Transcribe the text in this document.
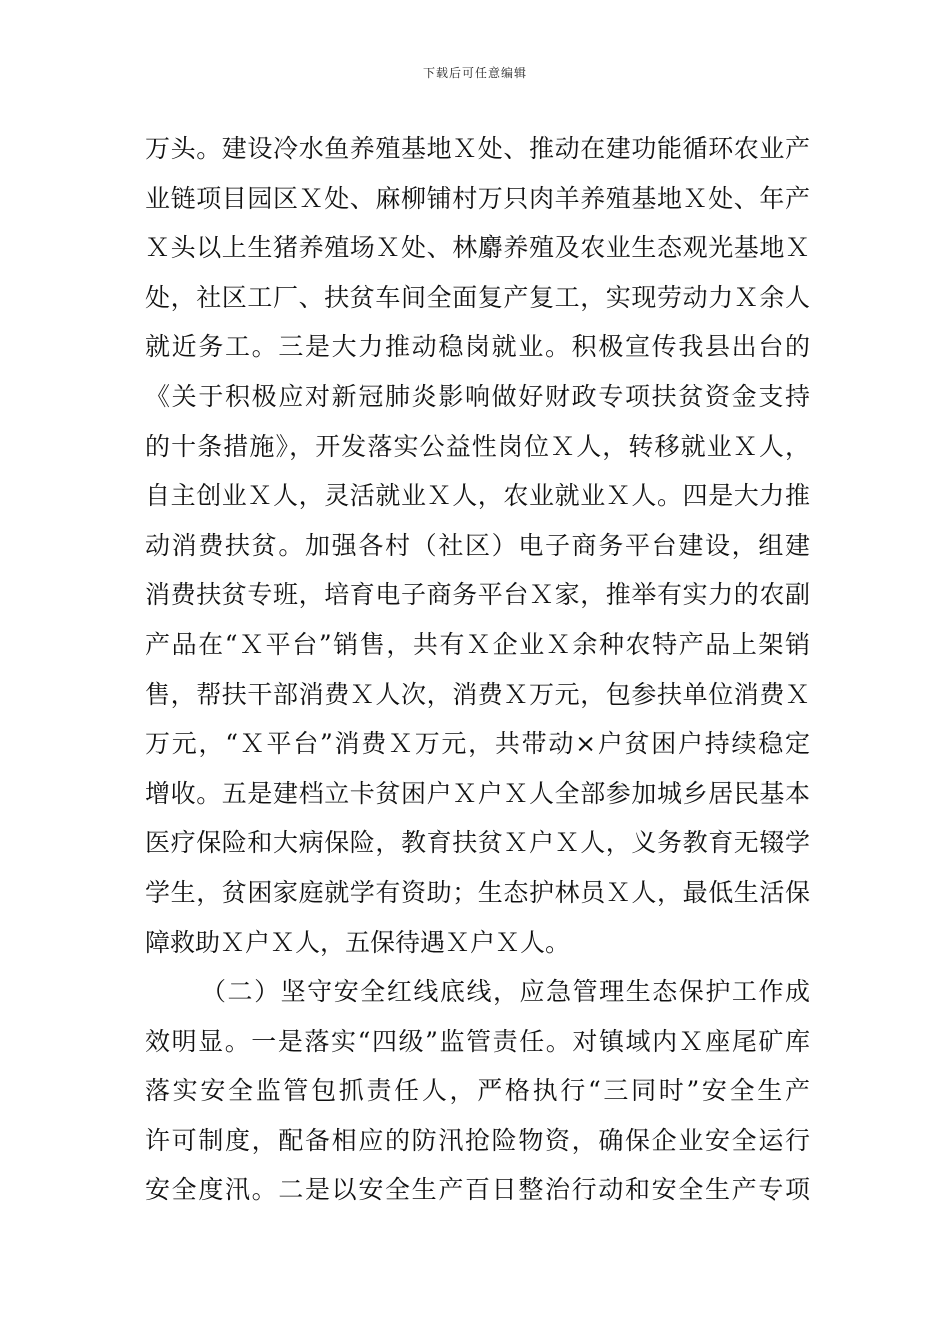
下载后可任意编辑
万头。建设冷水鱼养殖基地Ｘ处、推动在建功能循环农业产
业链项目园区Ｘ处、麻柳铺村万只肉羊养殖基地Ｘ处、年产
Ｘ头以上生猪养殖场Ｘ处、林麝养殖及农业生态观光基地Ｘ
处，社区工厂、扶贫车间全面复产复工，实现劳动力Ｘ余人
就近务工。三是大力推动稳岗就业。积极宣传我县出台的
《关于积极应对新冠肺炎影响做好财政专项扶贫资金支持
的十条措施》，开发落实公益性岗位Ｘ人，转移就业Ｘ人，
自主创业Ｘ人，灵活就业Ｘ人，农业就业Ｘ人。四是大力推
动消费扶贫。加强各村（社区）电子商务平台建设，组建
消费扶贫专班，培育电子商务平台Ｘ家，推举有实力的农副
产品在“Ｘ平台”销售，共有Ｘ企业Ｘ余种农特产品上架销
售，帮扶干部消费Ｘ人次，消费Ｘ万元，包参扶单位消费Ｘ
万元，“Ｘ平台”消费Ｘ万元，共带动×户贫困户持续稳定
增收。五是建档立卡贫困户Ｘ户Ｘ人全部参加城乡居民基本
医疗保险和大病保险，教育扶贫Ｘ户Ｘ人，义务教育无辍学
学生，贫困家庭就学有资助；生态护林员Ｘ人，最低生活保
障救助Ｘ户Ｘ人，五保待遇Ｘ户Ｘ人。
（二）坚守安全红线底线，应急管理生态保护工作成
效明显。一是落实“四级”监管责任。对镇域内Ｘ座尾矿库
落实安全监管包抓责任人，严格执行“三同时”安全生产
许可制度，配备相应的防汛抢险物资，确保企业安全运行
安全度汛。二是以安全生产百日整治行动和安全生产专项
